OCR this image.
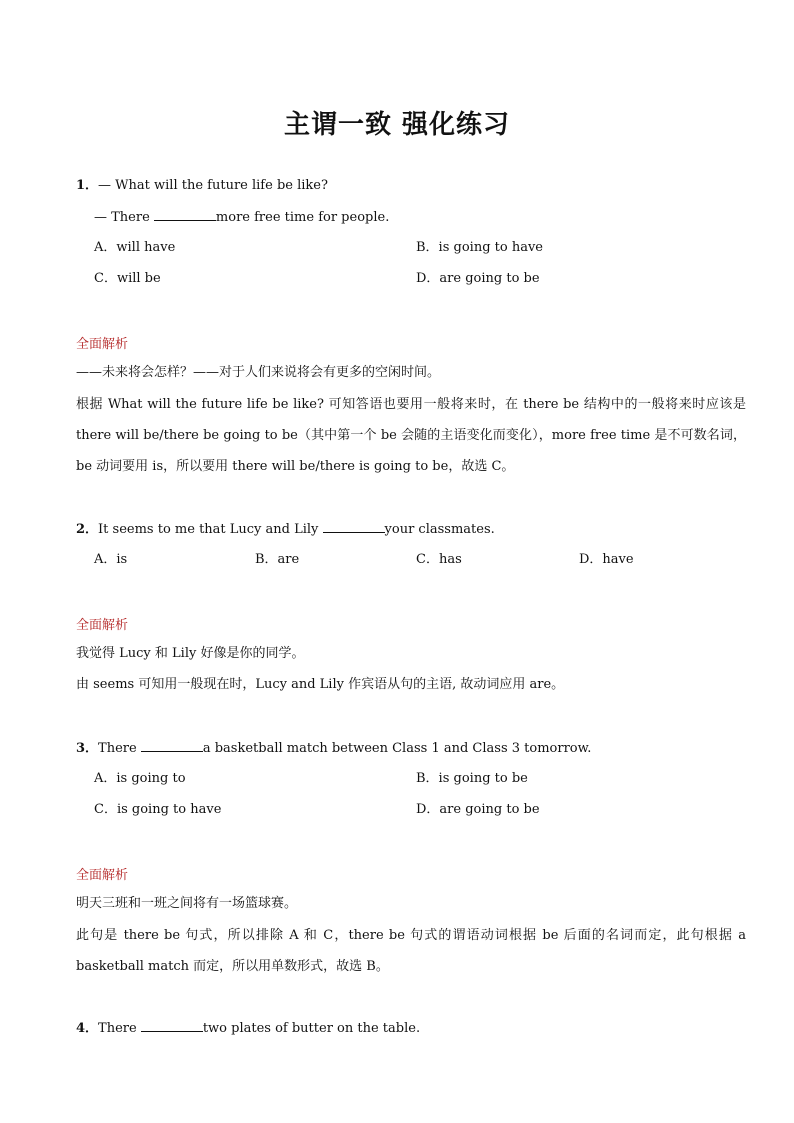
主谓一致 强化练习
1．— What will the future life be like?
— There	more free time for people.
A．will have	B．is going to have
C．will be	D．are going to be
全面解析
——未来将会怎样？——对于人们来说将会有更多的空闲时间。
根据 What will the future life be like? 可知答语也要用一般将来时，在 there be 结构中的一般将来时应该是 there will be/there be going to be（其中第一个 be 会随的主语变化而变化），more free time 是不可数名词，be 动词要用 is，所以要用 there will be/there is going to be，故选 C。
2．It seems to me that Lucy and Lily	your classmates.
A．is	B．are	C．has	D．have
全面解析
我觉得 Lucy 和 Lily 好像是你的同学。
由 seems 可知用一般现在时，Lucy and Lily 作宾语从句的主语, 故动词应用 are。
3．There	a basketball match between Class 1 and Class 3 tomorrow.
A．is going to	B．is going to be
C．is going to have	D．are going to be
全面解析
明天三班和一班之间将有一场篮球赛。
此句是 there be 句式，所以排除 A 和 C，there be 句式的谓语动词根据 be 后面的名词而定，此句根据 a basketball match 而定，所以用单数形式，故选 B。
4．There	two plates of butter on the table.
